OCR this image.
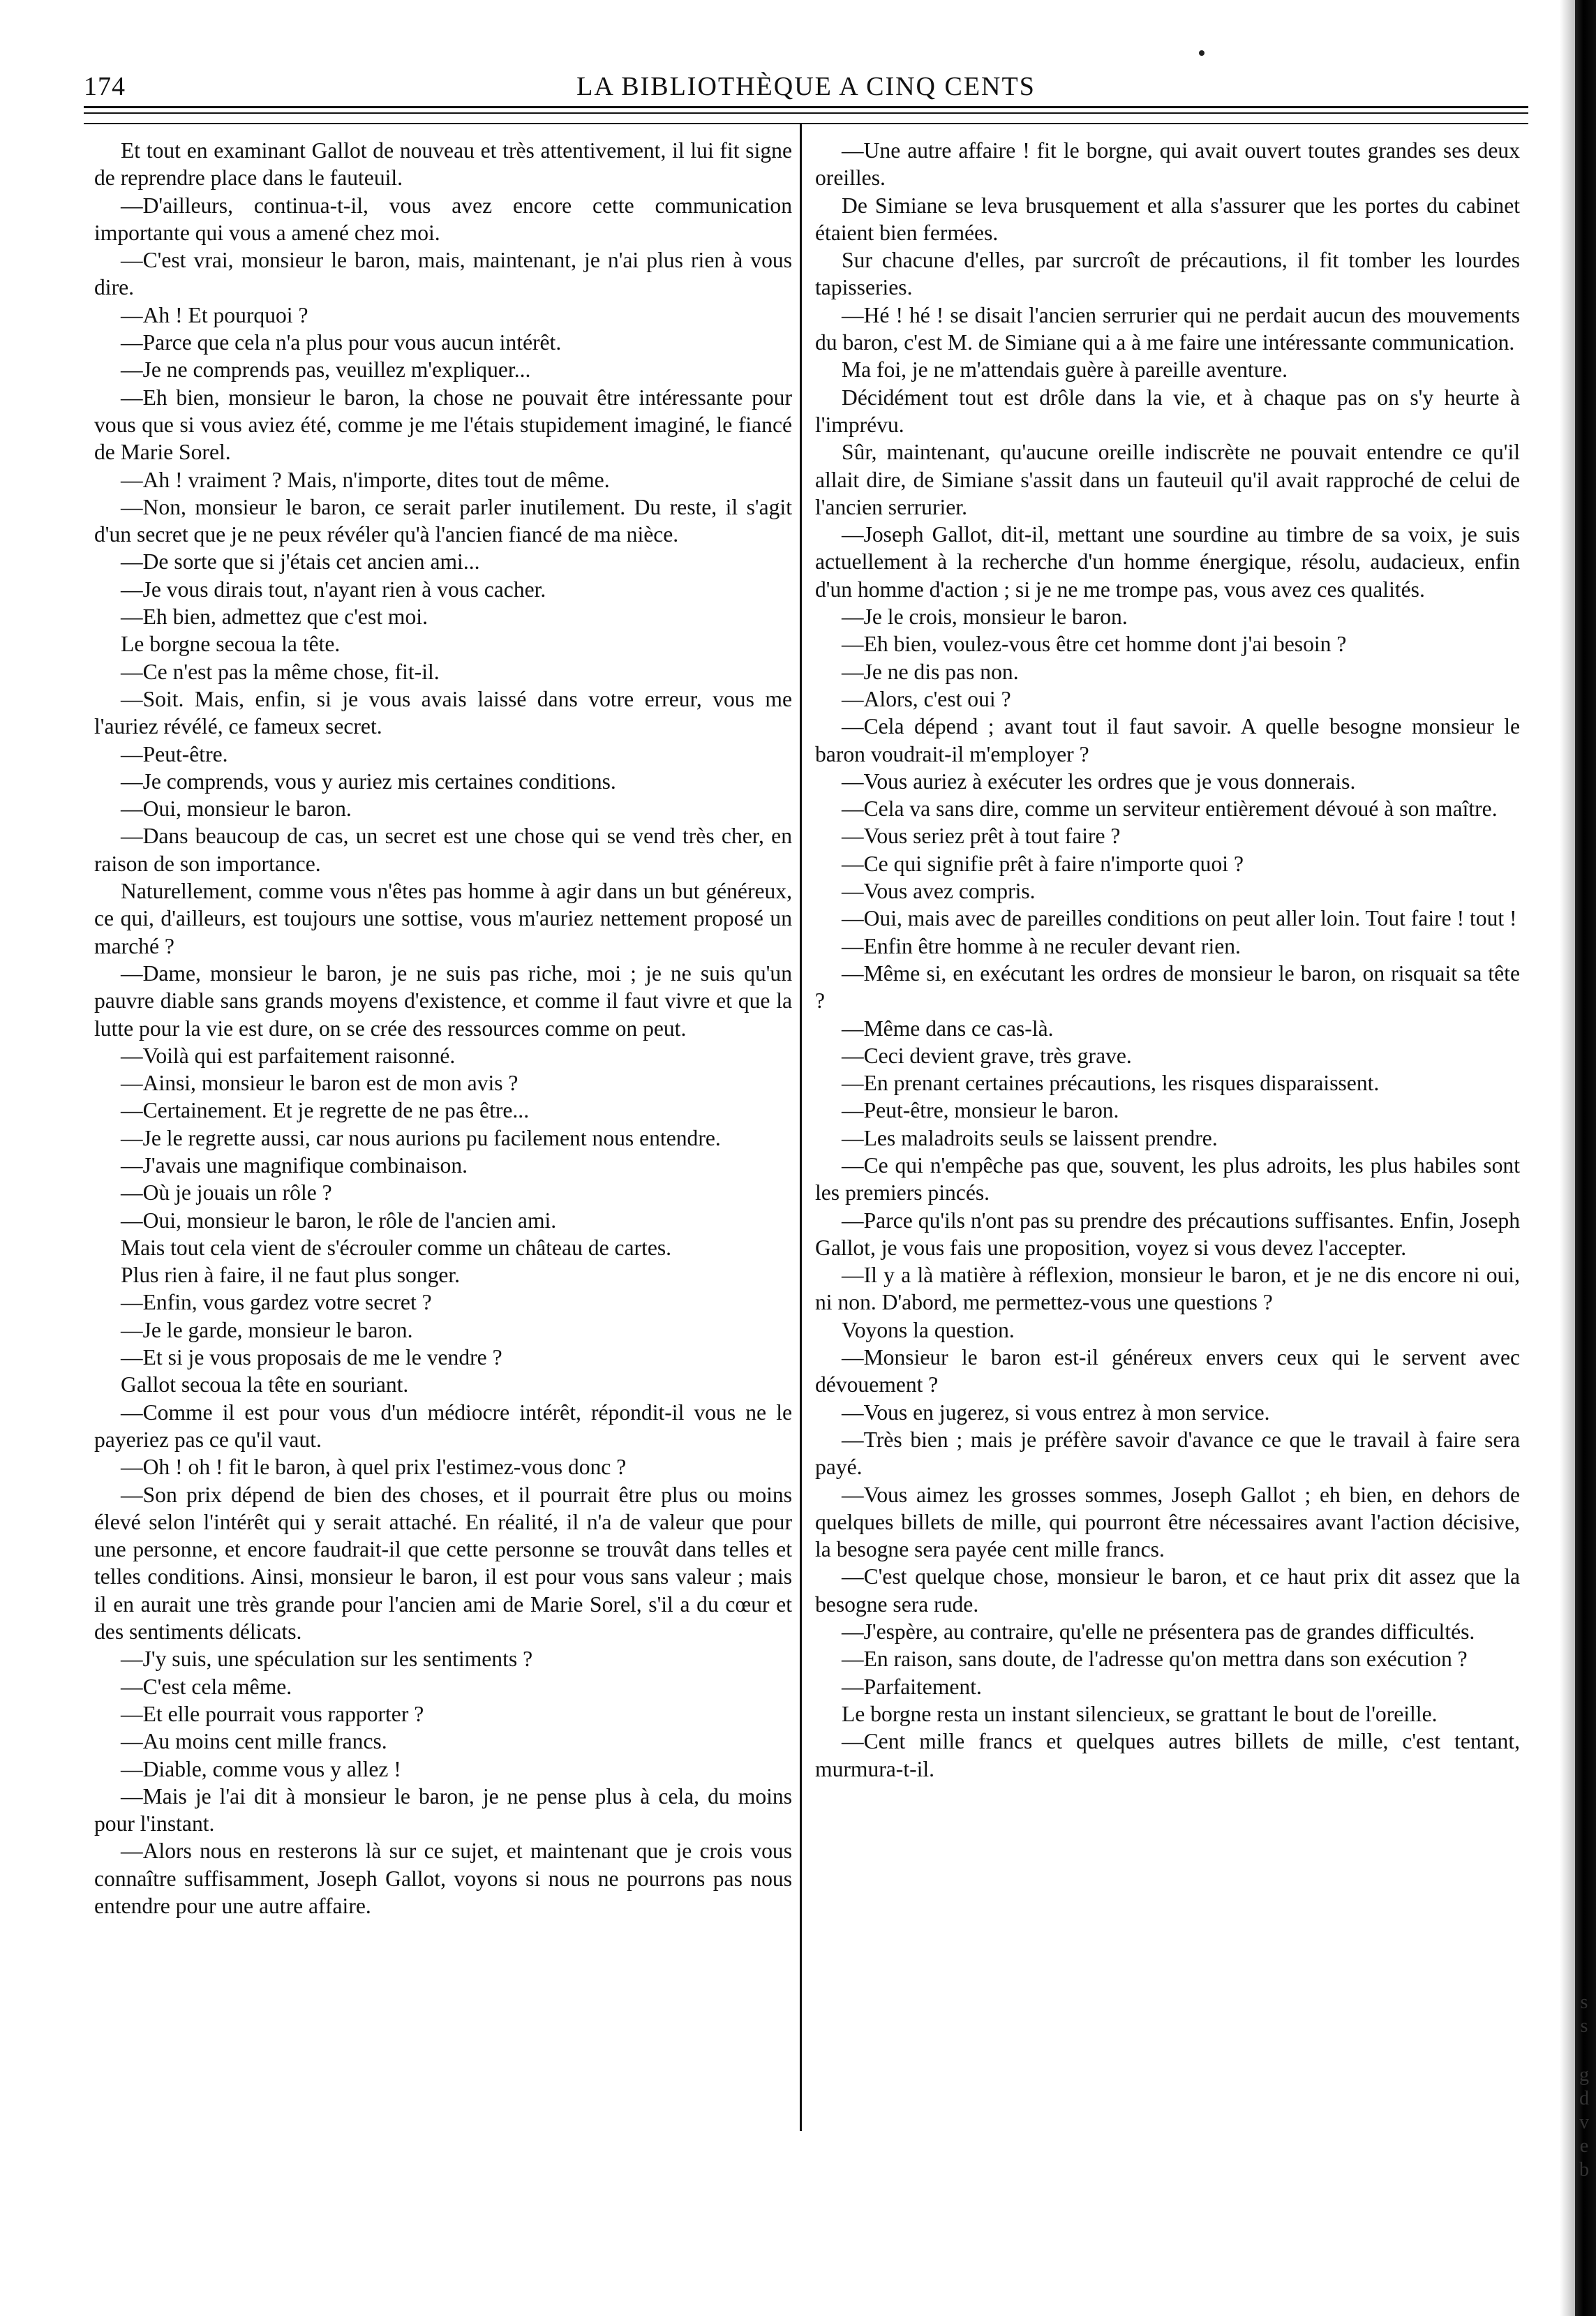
174	LA BIBLIOTHÈQUE A CINQ CENTS

Et tout en examinant Gallot de nouveau et très attentivement, il lui fit signe de reprendre place dans le fauteuil.

—D'ailleurs, continua-t-il, vous avez encore cette communication importante qui vous a amené chez moi.

—C'est vrai, monsieur le baron, mais, maintenant, je n'ai plus rien à vous dire.

—Ah ! Et pourquoi ?

—Parce que cela n'a plus pour vous aucun intérêt.

—Je ne comprends pas, veuillez m'expliquer...

—Eh bien, monsieur le baron, la chose ne pouvait être intéressante pour vous que si vous aviez été, comme je me l'étais stupidement imaginé, le fiancé de Marie Sorel.

—Ah ! vraiment ? Mais, n'importe, dites tout de même.

—Non, monsieur le baron, ce serait parler inutilement. Du reste, il s'agit d'un secret que je ne peux révéler qu'à l'ancien fiancé de ma nièce.

—De sorte que si j'étais cet ancien ami...

—Je vous dirais tout, n'ayant rien à vous cacher.

—Eh bien, admettez que c'est moi.

Le borgne secoua la tête.

—Ce n'est pas la même chose, fit-il.

—Soit. Mais, enfin, si je vous avais laissé dans votre erreur, vous me l'auriez révélé, ce fameux secret.

—Peut-être.

—Je comprends, vous y auriez mis certaines conditions.

—Oui, monsieur le baron.

—Dans beaucoup de cas, un secret est une chose qui se vend très cher, en raison de son importance.

Naturellement, comme vous n'êtes pas homme à agir dans un but généreux, ce qui, d'ailleurs, est toujours une sottise, vous m'auriez nettement proposé un marché ?

—Dame, monsieur le baron, je ne suis pas riche, moi ; je ne suis qu'un pauvre diable sans grands moyens d'existence, et comme il faut vivre et que la lutte pour la vie est dure, on se crée des ressources comme on peut.

—Voilà qui est parfaitement raisonné.

—Ainsi, monsieur le baron est de mon avis ?

—Certainement. Et je regrette de ne pas être...

—Je le regrette aussi, car nous aurions pu facilement nous entendre.

—J'avais une magnifique combinaison.

—Où je jouais un rôle ?

—Oui, monsieur le baron, le rôle de l'ancien ami.

Mais tout cela vient de s'écrouler comme un château de cartes.

Plus rien à faire, il ne faut plus songer.

—Enfin, vous gardez votre secret ?

—Je le garde, monsieur le baron.

—Et si je vous proposais de me le vendre ?

Gallot secoua la tête en souriant.

—Comme il est pour vous d'un médiocre intérêt, répondit-il vous ne le payeriez pas ce qu'il vaut.

—Oh ! oh ! fit le baron, à quel prix l'estimez-vous donc ?

—Son prix dépend de bien des choses, et il pourrait être plus ou moins élevé selon l'intérêt qui y serait attaché. En réalité, il n'a de valeur que pour une personne, et encore faudrait-il que cette personne se trouvât dans telles et telles conditions. Ainsi, monsieur le baron, il est pour vous sans valeur ; mais il en aurait une très grande pour l'ancien ami de Marie Sorel, s'il a du cœur et des sentiments délicats.

—J'y suis, une spéculation sur les sentiments ?

—C'est cela même.

—Et elle pourrait vous rapporter ?

—Au moins cent mille francs.

—Diable, comme vous y allez !

—Mais je l'ai dit à monsieur le baron, je ne pense plus à cela, du moins pour l'instant.

—Alors nous en resterons là sur ce sujet, et maintenant que je crois vous connaître suffisamment, Joseph Gallot, voyons si nous ne pourrons pas nous entendre pour une autre affaire.

—Une autre affaire ! fit le borgne, qui avait ouvert toutes grandes ses deux oreilles.

De Simiane se leva brusquement et alla s'assurer que les portes du cabinet étaient bien fermées.

Sur chacune d'elles, par surcroît de précautions, il fit tomber les lourdes tapisseries.

—Hé ! hé ! se disait l'ancien serrurier qui ne perdait aucun des mouvements du baron, c'est M. de Simiane qui a à me faire une intéressante communication.

Ma foi, je ne m'attendais guère à pareille aventure.

Décidément tout est drôle dans la vie, et à chaque pas on s'y heurte à l'imprévu.

Sûr, maintenant, qu'aucune oreille indiscrète ne pouvait entendre ce qu'il allait dire, de Simiane s'assit dans un fauteuil qu'il avait rapproché de celui de l'ancien serrurier.

—Joseph Gallot, dit-il, mettant une sourdine au timbre de sa voix, je suis actuellement à la recherche d'un homme énergique, résolu, audacieux, enfin d'un homme d'action ; si je ne me trompe pas, vous avez ces qualités.

—Je le crois, monsieur le baron.

—Eh bien, voulez-vous être cet homme dont j'ai besoin ?

—Je ne dis pas non.

—Alors, c'est oui ?

—Cela dépend ; avant tout il faut savoir. A quelle besogne monsieur le baron voudrait-il m'employer ?

—Vous auriez à exécuter les ordres que je vous donnerais.

—Cela va sans dire, comme un serviteur entièrement dévoué à son maître.

—Vous seriez prêt à tout faire ?

—Ce qui signifie prêt à faire n'importe quoi ?

—Vous avez compris.

—Oui, mais avec de pareilles conditions on peut aller loin. Tout faire ! tout !

—Enfin être homme à ne reculer devant rien.

—Même si, en exécutant les ordres de monsieur le baron, on risquait sa tête ?

—Même dans ce cas-là.

—Ceci devient grave, très grave.

—En prenant certaines précautions, les risques disparaissent.

—Peut-être, monsieur le baron.

—Les maladroits seuls se laissent prendre.

—Ce qui n'empêche pas que, souvent, les plus adroits, les plus habiles sont les premiers pincés.

—Parce qu'ils n'ont pas su prendre des précautions suffisantes. Enfin, Joseph Gallot, je vous fais une proposition, voyez si vous devez l'accepter.

—Il y a là matière à réflexion, monsieur le baron, et je ne dis encore ni oui, ni non. D'abord, me permettez-vous une questions ?

Voyons la question.

—Monsieur le baron est-il généreux envers ceux qui le servent avec dévouement ?

—Vous en jugerez, si vous entrez à mon service.

—Très bien ; mais je préfère savoir d'avance ce que le travail à faire sera payé.

—Vous aimez les grosses sommes, Joseph Gallot ; eh bien, en dehors de quelques billets de mille, qui pourront être nécessaires avant l'action décisive, la besogne sera payée cent mille francs.

—C'est quelque chose, monsieur le baron, et ce haut prix dit assez que la besogne sera rude.

—J'espère, au contraire, qu'elle ne présentera pas de grandes difficultés.

—En raison, sans doute, de l'adresse qu'on mettra dans son exécution ?

—Parfaitement.

Le borgne resta un instant silencieux, se grattant le bout de l'oreille.

—Cent mille francs et quelques autres billets de mille, c'est tentant, murmura-t-il.

s
s
g
d
v
e
b
